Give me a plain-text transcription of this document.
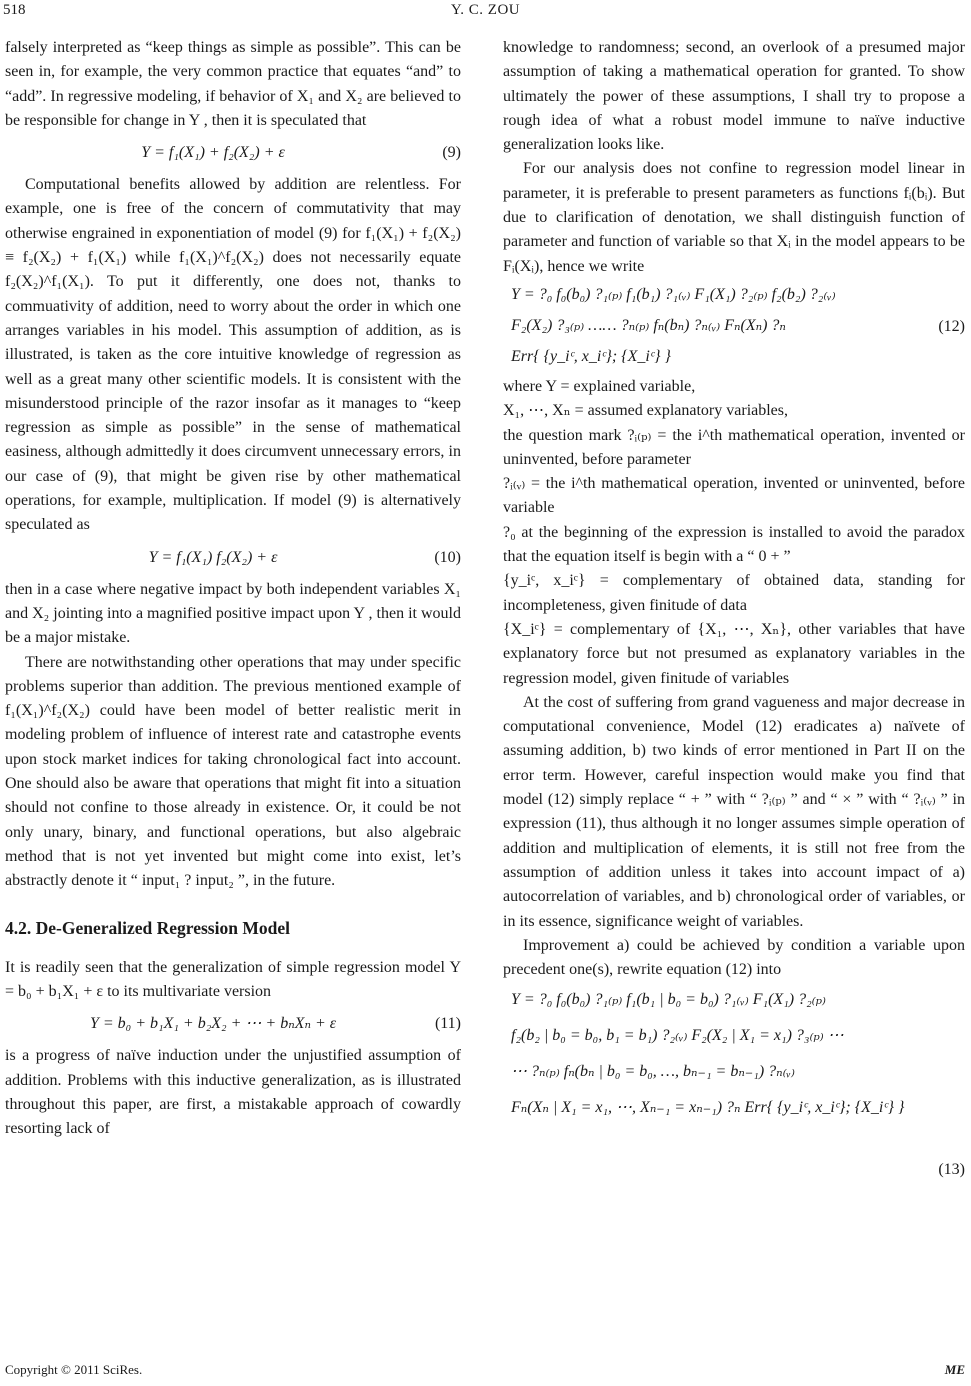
518	Y. C. ZOU

falsely interpreted as “keep things as simple as possible”. This can be seen in, for example, the very common practice that equates “and” to “add”. In regressive modeling, if behavior of X₁ and X₂ are believed to be responsible for change in Y , then it is speculated that

Y = f₁(X₁) + f₂(X₂) + ε	(9)

Computational benefits allowed by addition are relentless. For example, one is free of the concern of commutativity that may otherwise engrained in exponentiation of model (9) for f₁(X₁) + f₂(X₂) ≡ f₂(X₂) + f₁(X₁) while f₁(X₁)^f₂(X₂) does not necessarily equate f₂(X₂)^f₁(X₁). To put it differently, one does not, thanks to commuativity of addition, need to worry about the order in which one arranges variables in his model. This assumption of addition, as is illustrated, is taken as the core intuitive knowledge of regression as well as a great many other scientific models. It is consistent with the misunderstood principle of the razor insofar as it manages to “keep regression as simple as possible” in the sense of mathematical easiness, although admittedly it does circumvent unnecessary errors, in our case of (9), that might be given rise by other mathematical operations, for example, multiplication. If model (9) is alternatively speculated as

Y = f₁(X₁) f₂(X₂) + ε	(10)

then in a case where negative impact by both independent variables X₁ and X₂ jointing into a magnified positive impact upon Y , then it would be a major mistake.

There are notwithstanding other operations that may under specific problems superior than addition. The previous mentioned example of f₁(X₁)^f₂(X₂) could have been model of better realistic merit in modeling problem of influence of interest rate and catastrophe events upon stock market indices for taking chronological fact into account. One should also be aware that operations that might fit into a situation should not confine to those already in existence. Or, it could be not only unary, binary, and functional operations, but also algebraic method that is not yet invented but might come into exist, let’s abstractly denote it “ input₁ ? input₂ ”, in the future.

4.2. De-Generalized Regression Model

It is readily seen that the generalization of simple regression model Y = b₀ + b₁X₁ + ε to its multivariate version

Y = b₀ + b₁X₁ + b₂X₂ + ⋯ + bₙXₙ + ε	(11)

is a progress of naïve induction under the unjustified assumption of addition. Problems with this inductive generalization, as is illustrated throughout this paper, are first, a mistakable approach of cowardly resorting lack of

knowledge to randomness; second, an overlook of a presumed major assumption of taking a mathematical operation for granted. To show ultimately the power of these assumptions, I shall try to propose a rough idea of what a robust model immune to naïve inductive generalization looks like.

For our analysis does not confine to regression model linear in parameter, it is preferable to present parameters as functions fᵢ(bᵢ). But due to clarification of denotation, we shall distinguish function of parameter and function of variable so that Xᵢ in the model appears to be Fᵢ(Xᵢ), hence we write

Y = ?₀ f₀(b₀) ?₁₍ₚ₎ f₁(b₁) ?₁₍ᵥ₎ F₁(X₁) ?₂₍ₚ₎ f₂(b₂) ?₂₍ᵥ₎
F₂(X₂) ?₃₍ₚ₎ …… ?ₙ₍ₚ₎ fₙ(bₙ) ?ₙ₍ᵥ₎ Fₙ(Xₙ) ?ₙ
Err{ {y_iᶜ, x_iᶜ}; {X_iᶜ} }
(12)

where Y = explained variable,

X₁, ⋯, Xₙ = assumed explanatory variables,

the question mark ?ᵢ₍ₚ₎ = the i^th mathematical operation, invented or uninvented, before parameter

?ᵢ₍ᵥ₎ = the i^th mathematical operation, invented or uninvented, before variable

?₀ at the beginning of the expression is installed to avoid the paradox that the equation itself is begin with a “ 0 + ”

{y_iᶜ, x_iᶜ} = complementary of obtained data, standing for incompleteness, given finitude of data

{X_iᶜ} = complementary of {X₁, ⋯, Xₙ}, other variables that have explanatory force but not presumed as explanatory variables in the regression model, given finitude of variables

At the cost of suffering from grand vagueness and major decrease in computational convenience, Model (12) eradicates a) naïvete of assuming addition, b) two kinds of error mentioned in Part II on the error term. However, careful inspection would make you find that model (12) simply replace “ + ” with “ ?ᵢ₍ₚ₎ ” and “ × ” with “ ?ᵢ₍ᵥ₎ ” in expression (11), thus although it no longer assumes simple operation of addition and multiplication of elements, it is still not free from the assumption of addition unless it takes into account impact of a) autocorrelation of variables, and b) chronological order of variables, or in its essence, significance weight of variables.

Improvement a) could be achieved by condition a variable upon precedent one(s), rewrite equation (12) into

Y = ?₀ f₀(b₀) ?₁₍ₚ₎ f₁(b₁ | b₀ = b₀) ?₁₍ᵥ₎ F₁(X₁) ?₂₍ₚ₎
f₂(b₂ | b₀ = b₀, b₁ = b₁) ?₂₍ᵥ₎ F₂(X₂ | X₁ = x₁) ?₃₍ₚ₎ ⋯
⋯ ?ₙ₍ₚ₎ fₙ(bₙ | b₀ = b₀, …, bₙ₋₁ = bₙ₋₁) ?ₙ₍ᵥ₎
Fₙ(Xₙ | X₁ = x₁, ⋯, Xₙ₋₁ = xₙ₋₁) ?ₙ Err{ {y_iᶜ, x_iᶜ}; {X_iᶜ} }
(13)
Copyright © 2011 SciRes.	ME
